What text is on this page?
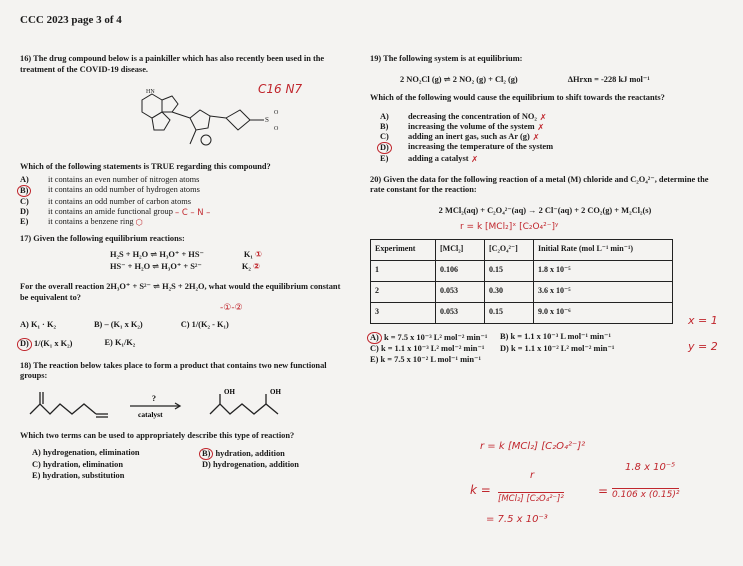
CCC 2023 page 3 of 4
16) The drug compound below is a painkiller which has also recently been used in the treatment of the COVID-19 disease.
HN
S
O
O
C16 N7
Which of the following statements is TRUE regarding this compound?
A)	it contains an even number of nitrogen atoms
B)	it contains an odd number of hydrogen atoms
C)	it contains an odd number of carbon atoms
D)	it contains an amide functional group
– C – N –
E)	it contains a benzene ring
⬡
17) Given the following equilibrium reactions:
H₂S + H₂O ⇌ H₃O⁺ + HS⁻	K₁ ①
HS⁻ + H₂O ⇌ H₃O⁺ + S²⁻	K₂ ②
For the overall reaction 2H₃O⁺ + S²⁻ ⇌ H₂S + 2H₂O, what would the equilibrium constant be equivalent to?
-①-②
A) K₁ · K₂	B) – (K₁ x K₂)	C) 1/(K₂ - K₁)
D) 1/(K₁ x K₂)	E) K₁/K₂
18) The reaction below takes place to form a product that contains two new functional groups:
?
catalyst
OH	OH
Which two terms can be used to appropriately describe this type of reaction?
A) hydrogenation, elimination	B) hydration, addition
C) hydration, elimination	D) hydrogenation, addition
E) hydration, substitution
19) The following system is at equilibrium:
2 NO₂Cl (g) ⇌ 2 NO₂ (g) + Cl₂ (g)	ΔHrxn = -228 kJ mol⁻¹
Which of the following would cause the equilibrium to shift towards the reactants?
A)	decreasing the concentration of NO₂ ✗
B)	increasing the volume of the system ✗
C)	adding an inert gas, such as Ar (g) ✗
D)	increasing the temperature of the system
E)	adding a catalyst ✗
20) Given the data for the following reaction of a metal (M) chloride and C₂O₄²⁻, determine the rate constant for the reaction:
2 MCl₂(aq) + C₂O₄²⁻(aq) → 2 Cl⁻(aq) + 2 CO₂(g) + M₂Cl₂(s)
r = k [MCl₂]ˣ [C₂O₄²⁻]ʸ
Experiment	[MCl₂]	[C₂O₄²⁻]	Initial Rate (mol L⁻¹ min⁻¹)
1	0.106	0.15	1.8 x 10⁻⁵
2	0.053	0.30	3.6 x 10⁻⁵
3	0.053	0.15	9.0 x 10⁻⁶
A) k = 7.5 x 10⁻³ L² mol⁻² min⁻¹	B) k = 1.1 x 10⁻³ L mol⁻¹ min⁻¹
C) k = 1.1 x 10⁻³ L² mol⁻² min⁻¹	D) k = 1.1 x 10⁻² L² mol⁻² min⁻¹
E) k = 7.5 x 10⁻² L mol⁻¹ min⁻¹
x = 1
y = 2
r = k [MCl₂] [C₂O₄²⁻]²
k =
r
[MCl₂] [C₂O₄²⁻]²
=
1.8 x 10⁻⁵
0.106 x (0.15)²
= 7.5 x 10⁻³
